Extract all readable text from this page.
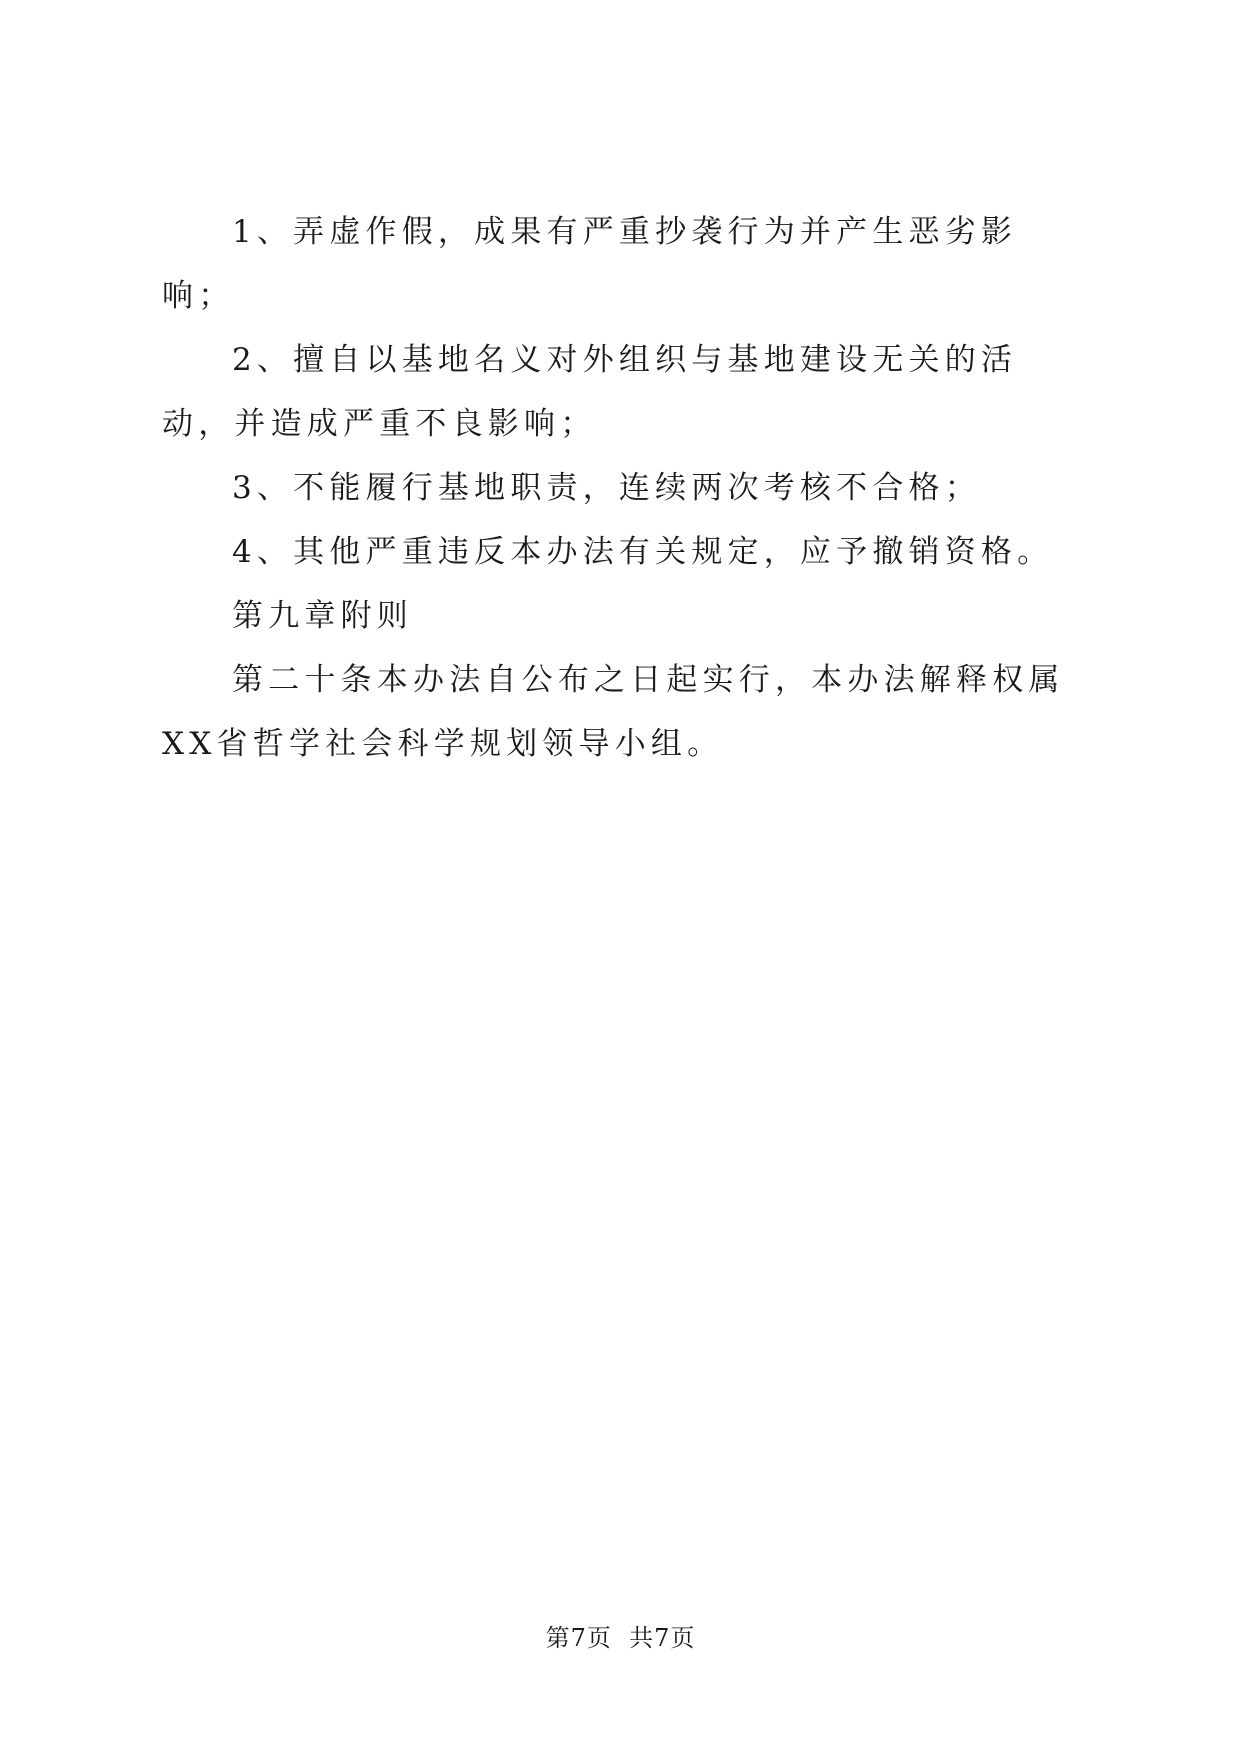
1、弄虚作假，成果有严重抄袭行为并产生恶劣影响；

2、擅自以基地名义对外组织与基地建设无关的活动，并造成严重不良影响；

3、不能履行基地职责，连续两次考核不合格；

4、其他严重违反本办法有关规定，应予撤销资格。

第九章附则

第二十条本办法自公布之日起实行，本办法解释权属XX省哲学社会科学规划领导小组。

第7页 共7页
